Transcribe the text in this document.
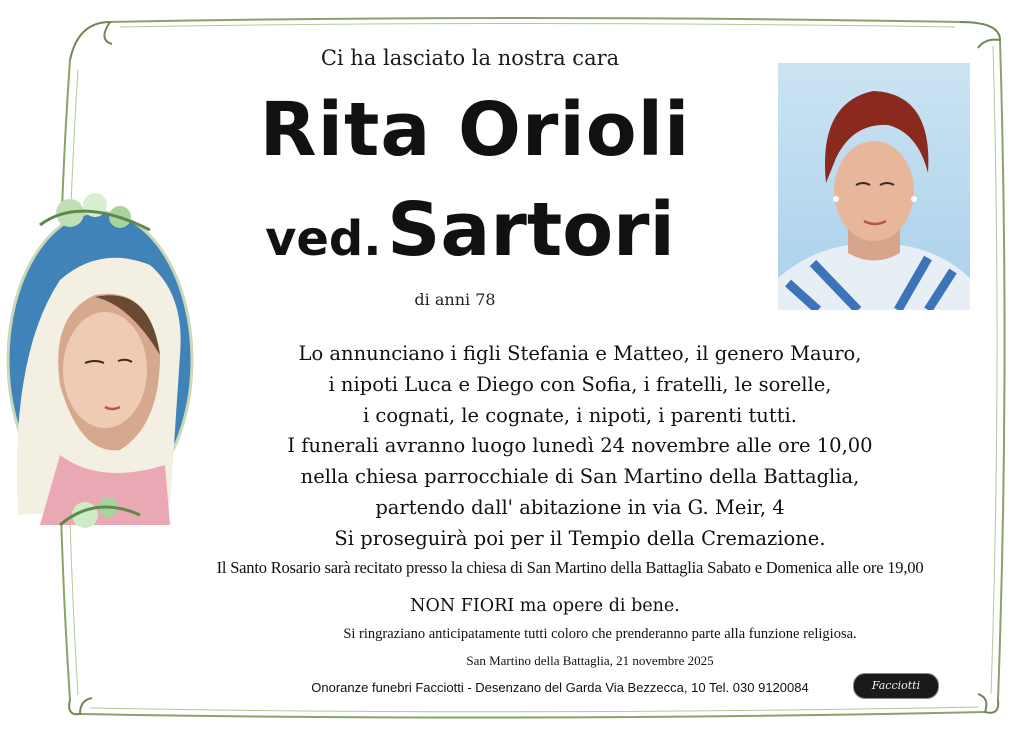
Ci ha lasciato la nostra cara
Rita Orioli
ved. Sartori
di anni 78
Lo annunciano i figli Stefania e Matteo, il genero Mauro,
i nipoti Luca e Diego con Sofia, i fratelli, le sorelle,
i cognati, le cognate, i nipoti, i parenti tutti.
I funerali avranno luogo lunedì 24 novembre alle ore 10,00
nella chiesa parrocchiale di San Martino della Battaglia,
partendo dall' abitazione in via G. Meir, 4
Si proseguirà poi per il Tempio della Cremazione.
Il Santo Rosario sarà recitato presso la chiesa di San Martino della Battaglia Sabato e Domenica alle ore 19,00
NON FIORI ma opere di bene.
Si ringraziano anticipatamente tutti coloro che prenderanno parte alla funzione religiosa.
San Martino della Battaglia, 21 novembre 2025
Onoranze funebri Facciotti - Desenzano del Garda Via Bezzecca, 10 Tel. 030 9120084	Facciotti
